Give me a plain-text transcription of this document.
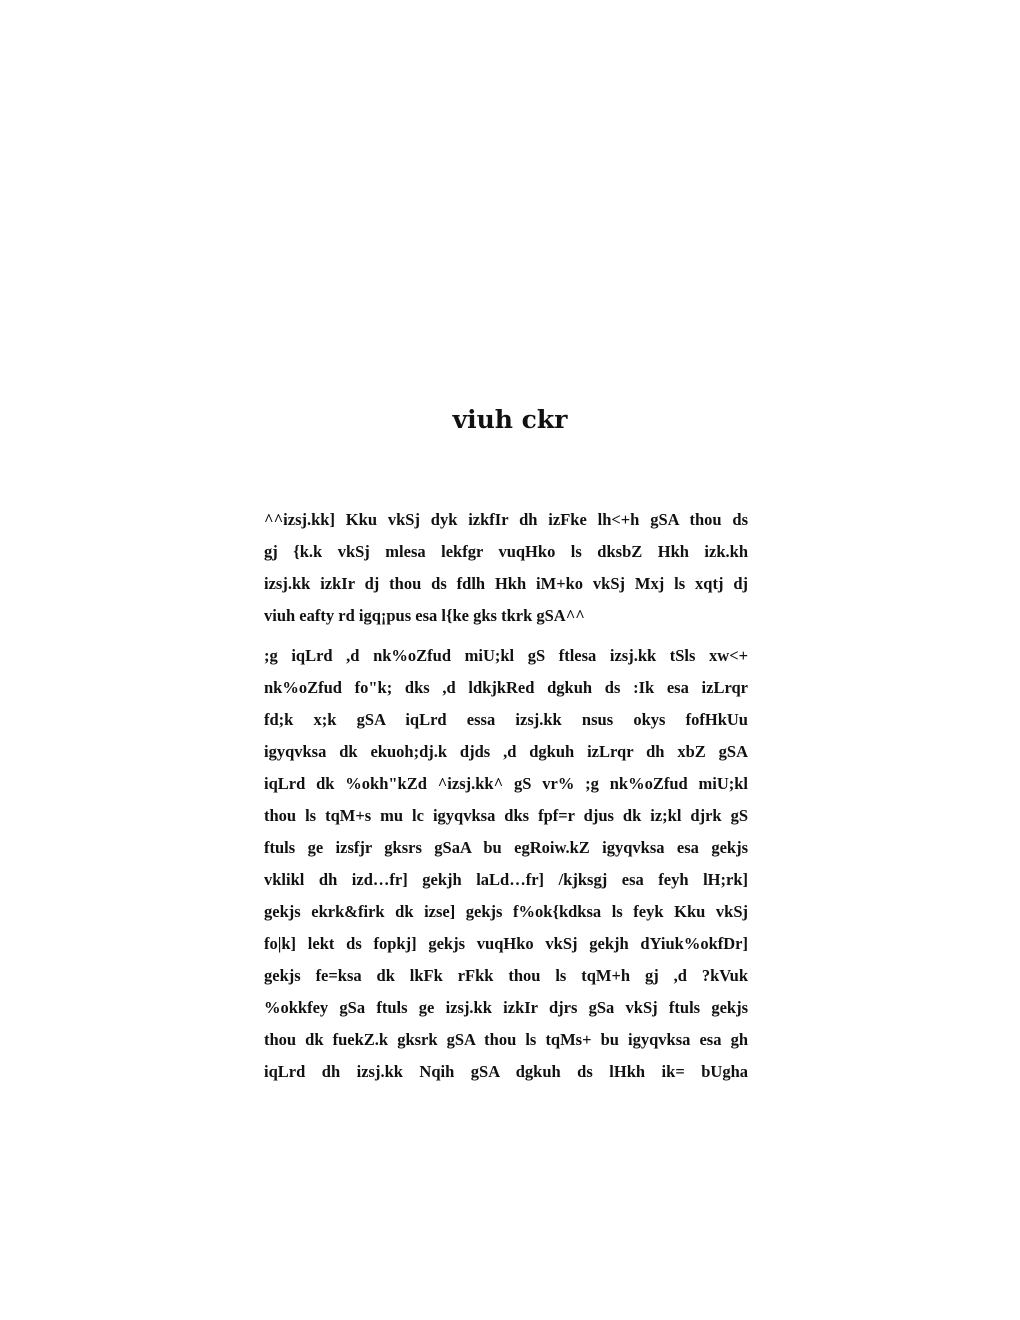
viuh ckr
^^izsj.kk] Kku vkSj dyk izkfIr dh izFke lh<+h gSA thou ds
gj {k.k vkSj mlesa lekfgr vuqHko ls dksbZ Hkh izk.kh
izsj.kk izkIr dj thou ds fdlh Hkh iM+ko vkSj Mxj ls xqtj dj
viuh eafty rd igq¡pus esa l{ke gks tkrk gSA^^
;g iqLrd ,d nk%oZfud miU;kl gS ftlesa izsj.kk tSls xw<+
nk%oZfud fo"k; dks ,d ldkjkRed dgkuh ds :Ik esa izLrqr
fd;k x;k gSA iqLrd essa izsj.kk nsus okys fofHkUu
igyqvksa dk ekuoh;dj.k djds ,d dgkuh izLrqr dh xbZ gSA
iqLrd dk %okh"kZd ^izsj.kk^ gS vr% ;g nk%oZfud miU;kl
thou ls tqM+s mu lc igyqvksa dks fpf=r djus dk iz;kl djrk gS
ftuls ge izsfjr gksrs gSaA bu egRoiw.kZ igyqvksa esa gekjs
vklikl dh izd…fr] gekjh laLd…fr] /kjksgj esa feyh lH;rk]
gekjs ekrk&firk dk izse] gekjs f%ok{kdksa ls feyk Kku vkSj
fo|k] lekt ds fopkj] gekjs vuqHko vkSj gekjh dYiuk%okfDr]
gekjs fe=ksa dk lkFk rFkk thou ls tqM+h gj ,d ?kVuk
%okkfey gSa ftuls ge izsj.kk izkIr djrs gSa vkSj ftuls gekjs
thou dk fuekZ.k gksrk gSA thou ls tqMs+ bu igyqvksa esa gh
iqLrd dh izsj.kk Nqih gSA dgkuh ds lHkh ik= bUgha
